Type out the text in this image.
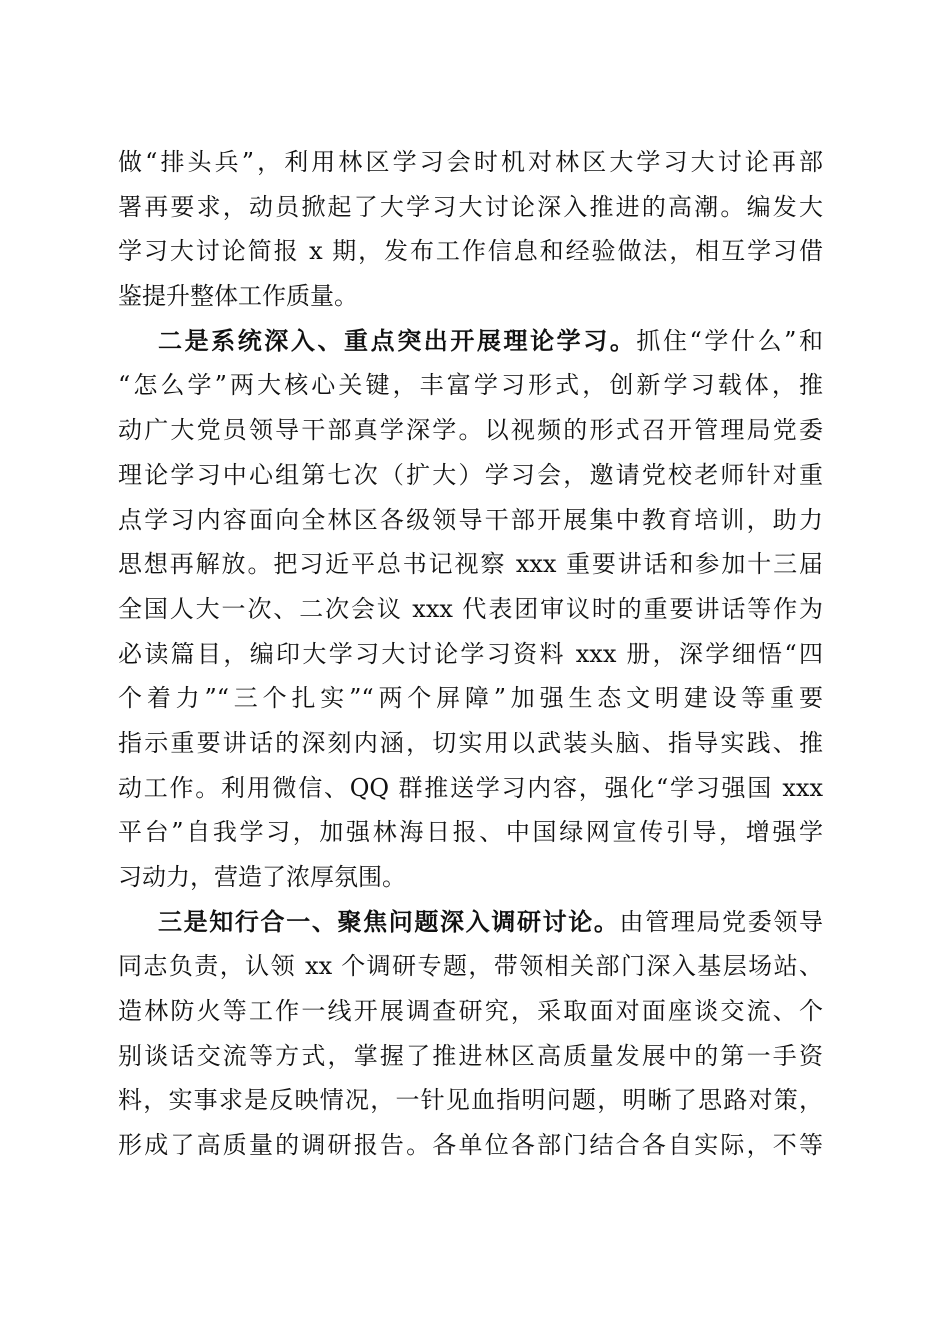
做“排头兵”，利用林区学习会时机对林区大学习大讨论再部
署再要求，动员掀起了大学习大讨论深入推进的高潮。编发大
学习大讨论简报 x 期，发布工作信息和经验做法，相互学习借
鉴提升整体工作质量。
二是系统深入、重点突出开展理论学习。抓住“学什么”和
“怎么学”两大核心关键，丰富学习形式，创新学习载体，推
动广大党员领导干部真学深学。以视频的形式召开管理局党委
理论学习中心组第七次（扩大）学习会，邀请党校老师针对重
点学习内容面向全林区各级领导干部开展集中教育培训，助力
思想再解放。把习近平总书记视察 xxx 重要讲话和参加十三届
全国人大一次、二次会议 xxx 代表团审议时的重要讲话等作为
必读篇目，编印大学习大讨论学习资料 xxx 册，深学细悟“四
个着力”“三个扎实”“两个屏障”加强生态文明建设等重要
指示重要讲话的深刻内涵，切实用以武装头脑、指导实践、推
动工作。利用微信、QQ 群推送学习内容，强化“学习强国 xxx
平台”自我学习，加强林海日报、中国绿网宣传引导，增强学
习动力，营造了浓厚氛围。
三是知行合一、聚焦问题深入调研讨论。由管理局党委领导
同志负责，认领 xx 个调研专题，带领相关部门深入基层场站、
造林防火等工作一线开展调查研究，采取面对面座谈交流、个
别谈话交流等方式，掌握了推进林区高质量发展中的第一手资
料，实事求是反映情况，一针见血指明问题，明晰了思路对策，
形成了高质量的调研报告。各单位各部门结合各自实际，不等
